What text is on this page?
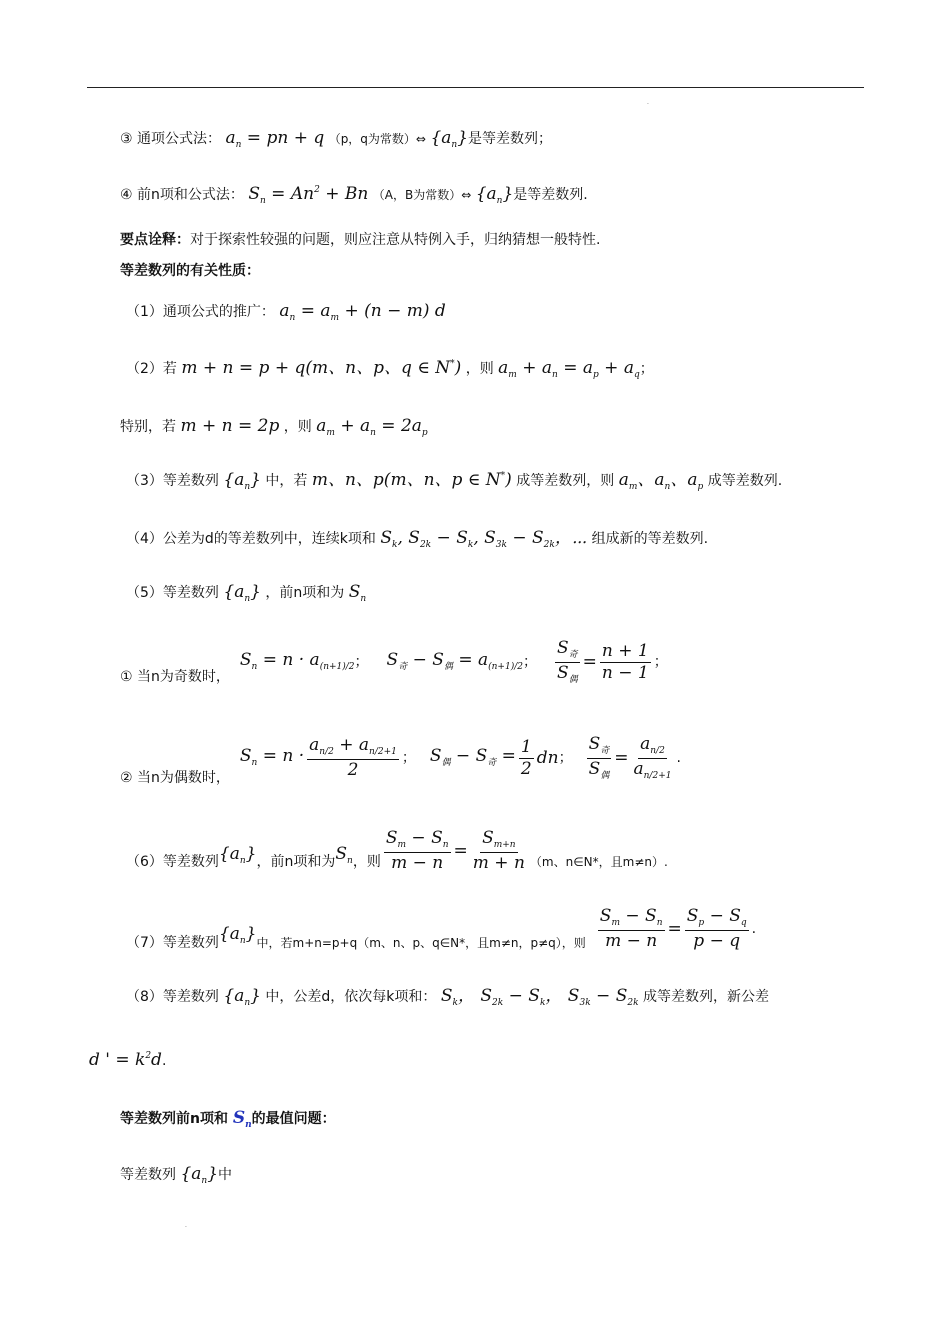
.
.
③ 通项公式法： $a_n$ = pn + q （p，q为常数）⇔ $\{a_n\}$是等差数列；
④ 前n项和公式法： $S_n = An^2 + Bn$ （A，B为常数）⇔ $\{a_n\}$是等差数列.
要点诠释：对于探索性较强的问题，则应注意从特例入手，归纳猜想一般特性.
等差数列的有关性质：
（1）通项公式的推广： $a_n = a_m + (n - m)$ d
（2）若 m + n = p + q(m、n、p、q ∈ N*) ，则 $a_m + a_n = a_p + a_q$；
特别，若 m + n = 2p ，则 $a_m + a_n = 2a_p$
（3）等差数列 $\{a_n\}$ 中，若 m、n、p(m、n、p ∈ N*) 成等差数列，则 $a_m$、$a_n$、$a_p$ 成等差数列.
（4）公差为d的等差数列中，连续k项和 $S_k$, $S_{2k} - S_k$, $S_{3k} - S_{2k}$，⋯ 组成新的等差数列.
（5）等差数列 $\{a_n\}$ ，前n项和为 $S_n$
① 当n为奇数时，
$S_n = n \cdot a_{(n+1)/2}$ ； $S_奇 - S_偶 = a_{(n+1)/2}$ ； $\frac{S_奇}{S_偶} = \frac{n + 1}{n - 1}$ ；
② 当n为偶数时，
$S_n = n \cdot \frac{a_{n/2} + a_{n/2+1}}{2}$ ； $S_偶 - S_奇 = \frac{1}{2}$ dn ； $\frac{S_奇}{S_偶} = \frac{a_{n/2}}{a_{n/2+1}}$ .
（6）等差数列 $\{a_n\}$ ，前n项和为 $S_n$ ，则 $\frac{S_m - S_n}{m - n} = \frac{S_{m+n}}{m + n} (m$、n∈N*，且m≠n）.
（7）等差数列 $\{a_n\}$ 中，若m+n=p+q（m、n、p、q∈N*，且m≠n，p≠q），则 $\frac{S_m - S_n}{m - n} = \frac{S_p - S_q}{p - q}$ .
（8）等差数列 $\{a_n\}$ 中，公差d，依次每k项和： $S_k$， $S_{2k} - S_k$， $S_{3k} - S_{2k}$ 成等差数列，新公差
d ' = $k^2d$.
等差数列前n项和 $S_n$的最值问题：
等差数列 $\{a_n\}$中
